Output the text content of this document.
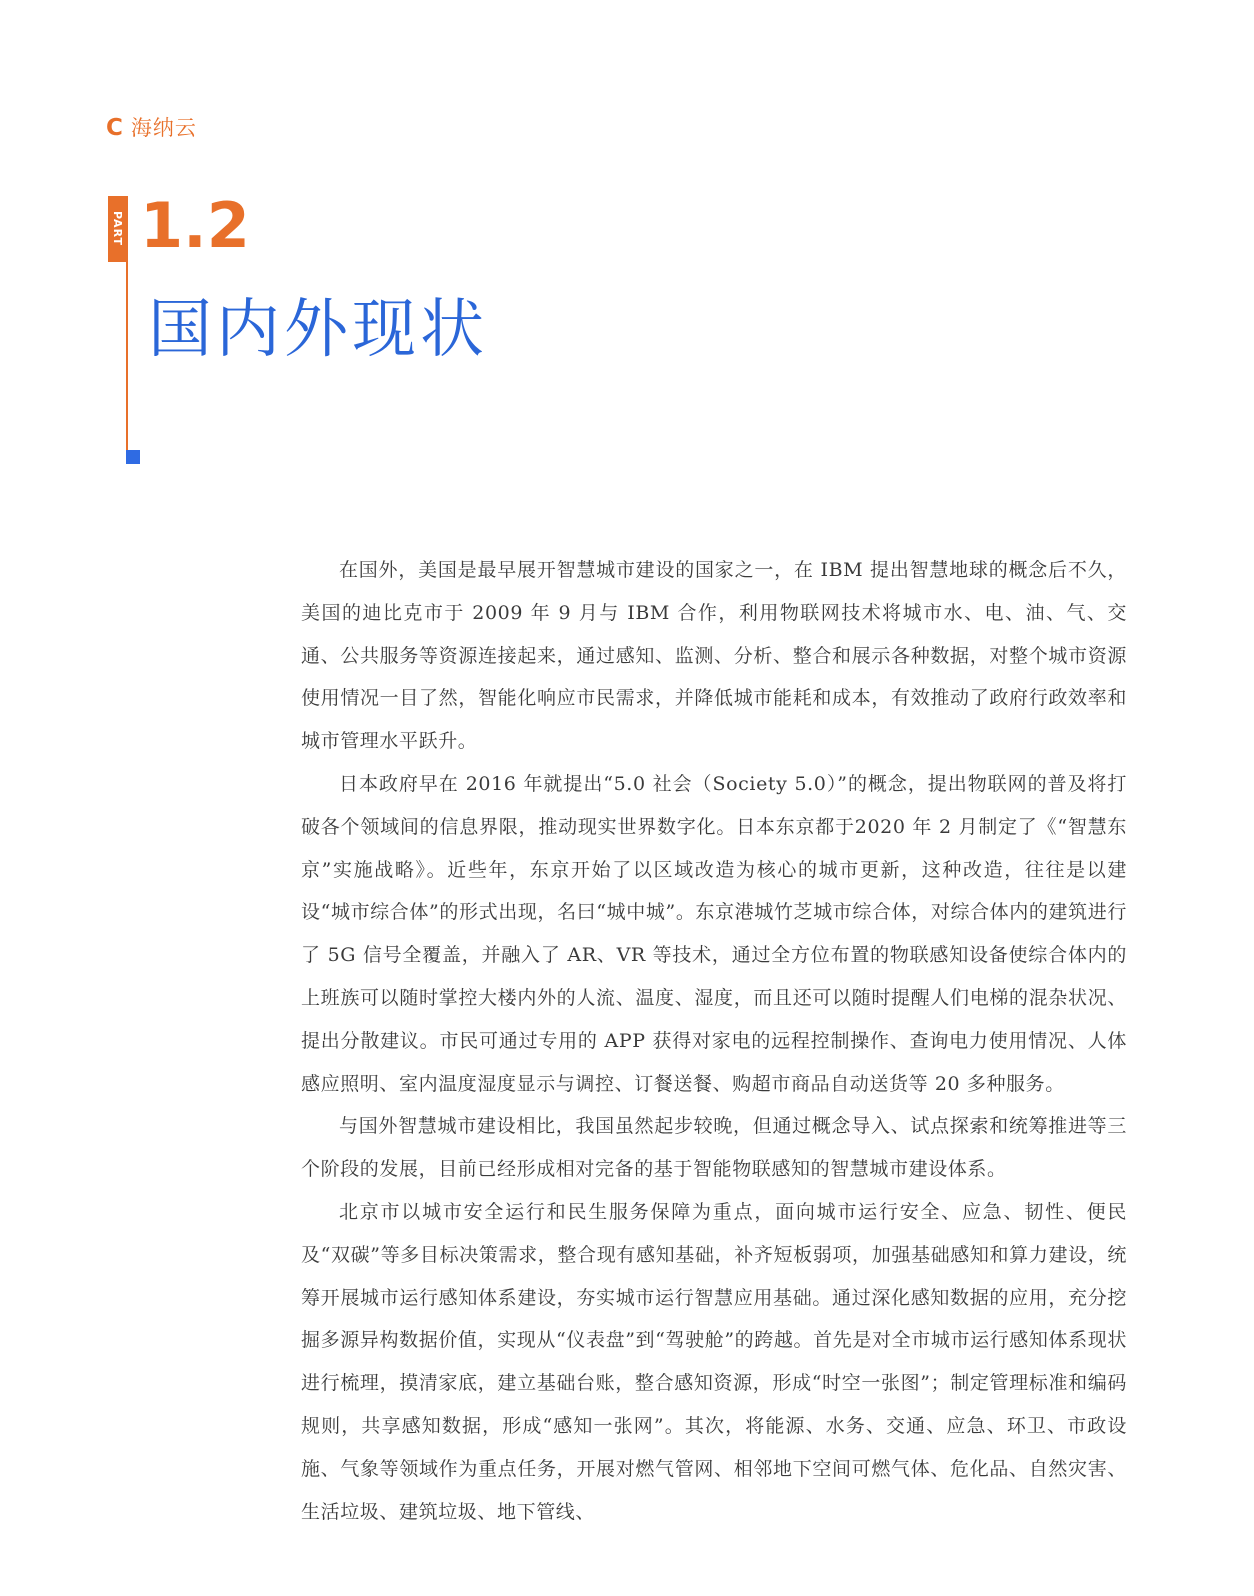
C 海纳云
PART 1.2
国内外现状

在国外，美国是最早展开智慧城市建设的国家之一，在 IBM 提出智慧地球的概念后不久，美国的迪比克市于 2009 年 9 月与 IBM 合作，利用物联网技术将城市水、电、油、气、交通、公共服务等资源连接起来，通过感知、监测、分析、整合和展示各种数据，对整个城市资源使用情况一目了然，智能化响应市民需求，并降低城市能耗和成本，有效推动了政府行政效率和城市管理水平跃升。

日本政府早在 2016 年就提出“5.0 社会（Society 5.0）”的概念，提出物联网的普及将打破各个领域间的信息界限，推动现实世界数字化。日本东京都于2020 年 2 月制定了《“智慧东京”实施战略》。近些年，东京开始了以区域改造为核心的城市更新，这种改造，往往是以建设“城市综合体”的形式出现，名曰“城中城”。东京港城竹芝城市综合体，对综合体内的建筑进行了 5G 信号全覆盖，并融入了 AR、VR 等技术，通过全方位布置的物联感知设备使综合体内的上班族可以随时掌控大楼内外的人流、温度、湿度，而且还可以随时提醒人们电梯的混杂状况、提出分散建议。市民可通过专用的 APP 获得对家电的远程控制操作、查询电力使用情况、人体感应照明、室内温度湿度显示与调控、订餐送餐、购超市商品自动送货等 20 多种服务。

与国外智慧城市建设相比，我国虽然起步较晚，但通过概念导入、试点探索和统筹推进等三个阶段的发展，目前已经形成相对完备的基于智能物联感知的智慧城市建设体系。

北京市以城市安全运行和民生服务保障为重点，面向城市运行安全、应急、韧性、便民及“双碳”等多目标决策需求，整合现有感知基础，补齐短板弱项，加强基础感知和算力建设，统筹开展城市运行感知体系建设，夯实城市运行智慧应用基础。通过深化感知数据的应用，充分挖掘多源异构数据价值，实现从“仪表盘”到“驾驶舱”的跨越。首先是对全市城市运行感知体系现状进行梳理，摸清家底，建立基础台账，整合感知资源，形成“时空一张图”；制定管理标准和编码规则，共享感知数据，形成“感知一张网”。其次，将能源、水务、交通、应急、环卫、市政设施、气象等领域作为重点任务，开展对燃气管网、相邻地下空间可燃气体、危化品、自然灾害、生活垃圾、建筑垃圾、地下管线、
